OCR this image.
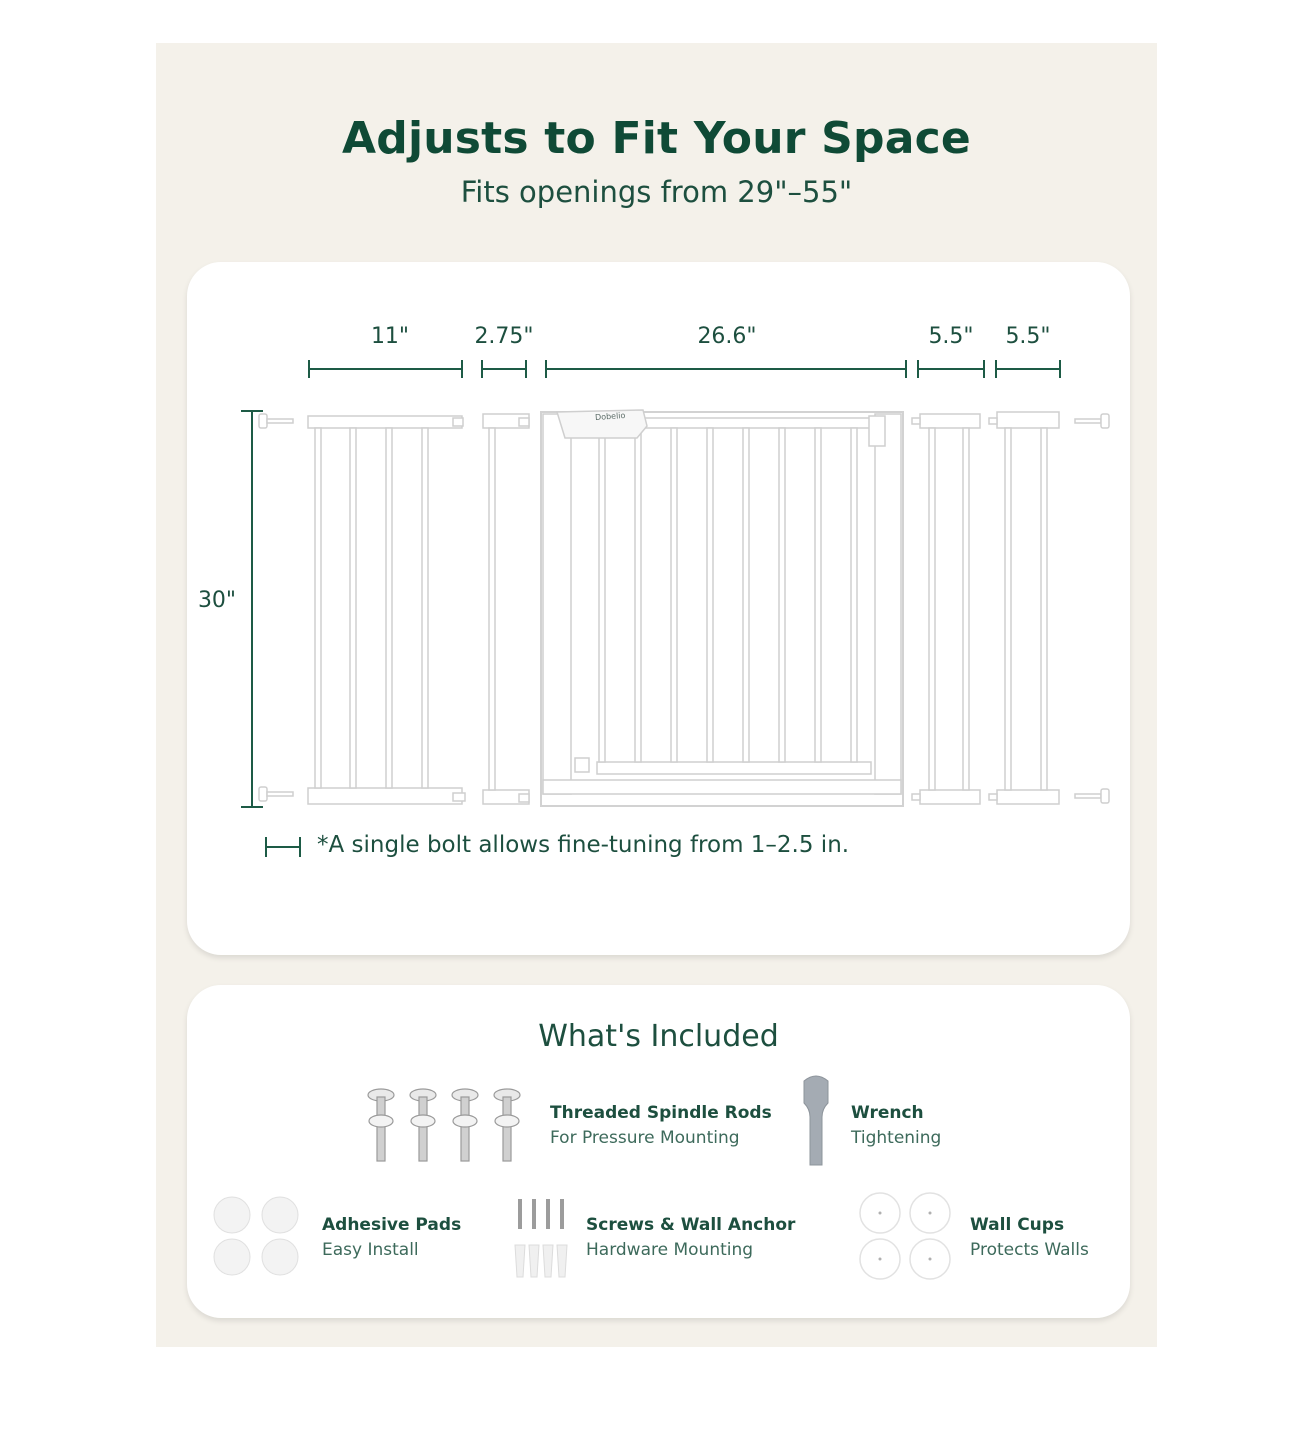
Adjusts to Fit Your Space
Fits openings from 29"–55"
11"	2.75"	26.6"	5.5"	5.5"
30"
Dobelio
*A single bolt allows fine-tuning from 1–2.5 in.
What's Included
Threaded Spindle Rods
For Pressure Mounting
Wrench
Tightening
Adhesive Pads
Easy Install
Screws & Wall Anchor
Hardware Mounting
Wall Cups
Protects Walls
